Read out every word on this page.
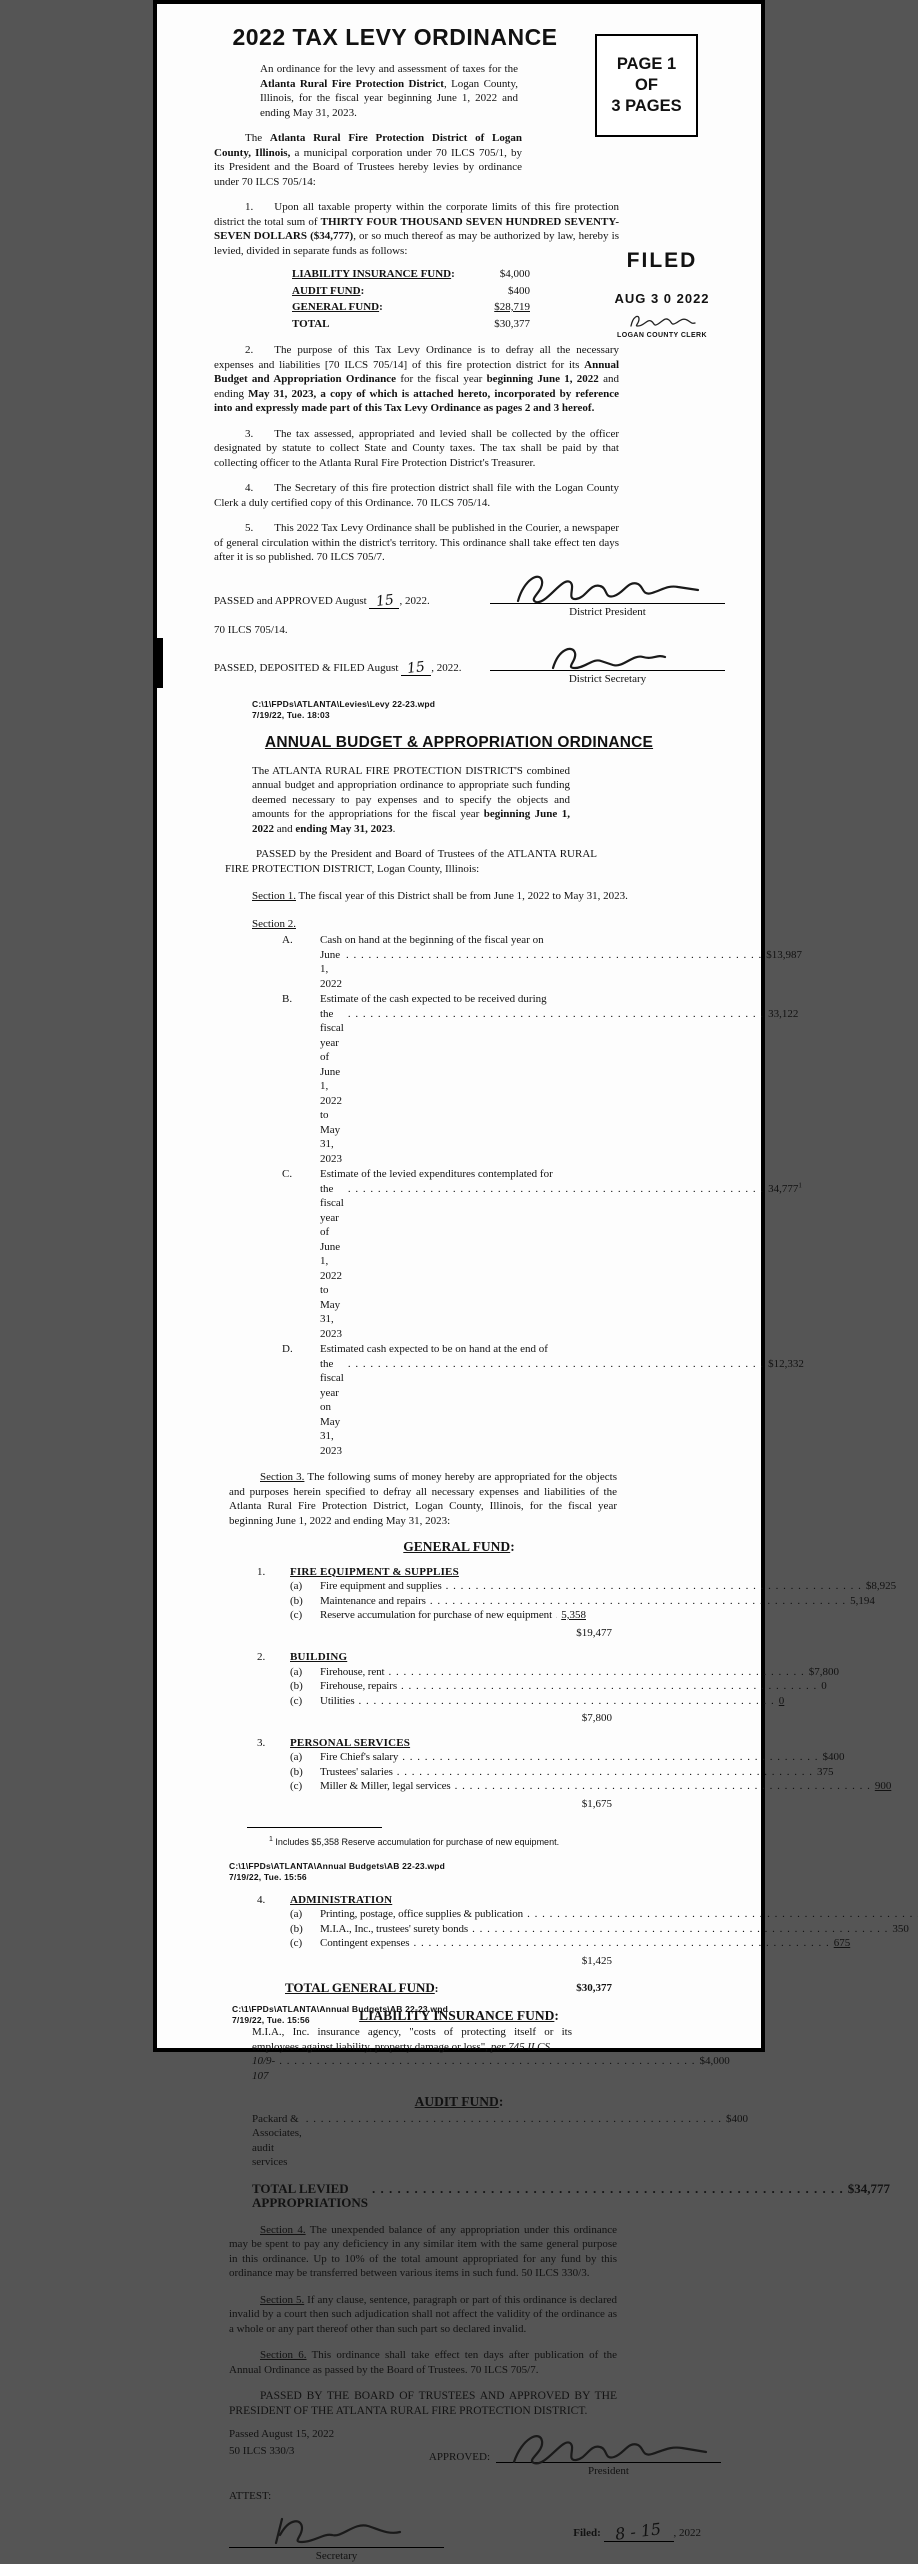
2022 TAX LEVY ORDINANCE
PAGE 1
OF
3 PAGES

An ordinance for the levy and assessment of taxes for the Atlanta Rural Fire Protection District, Logan County, Illinois, for the fiscal year beginning June 1, 2022 and ending May 31, 2023.

The Atlanta Rural Fire Protection District of Logan County, Illinois, a municipal corporation under 70 ILCS 705/1, by its President and the Board of Trustees hereby levies by ordinance under 70 ILCS 705/14:

1. Upon all taxable property within the corporate limits of this fire protection district the total sum of THIRTY FOUR THOUSAND SEVEN HUNDRED SEVENTY-SEVEN DOLLARS ($34,777), or so much thereof as may be authorized by law, hereby is levied, divided in separate funds as follows:

LIABILITY INSURANCE FUND:	$4,000
AUDIT FUND:	$400
GENERAL FUND:	$28,719
TOTAL	$30,377
FILED
AUG 3 0 2022
LOGAN COUNTY CLERK

2. The purpose of this Tax Levy Ordinance is to defray all the necessary expenses and liabilities [70 ILCS 705/14] of this fire protection district for its Annual Budget and Appropriation Ordinance for the fiscal year beginning June 1, 2022 and ending May 31, 2023, a copy of which is attached hereto, incorporated by reference into and expressly made part of this Tax Levy Ordinance as pages 2 and 3 hereof.

3. The tax assessed, appropriated and levied shall be collected by the officer designated by statute to collect State and County taxes. The tax shall be paid by that collecting officer to the Atlanta Rural Fire Protection District's Treasurer.

4. The Secretary of this fire protection district shall file with the Logan County Clerk a duly certified copy of this Ordinance. 70 ILCS 705/14.

5. This 2022 Tax Levy Ordinance shall be published in the Courier, a newspaper of general circulation within the district's territory. This ordinance shall take effect ten days after it is so published. 70 ILCS 705/7.

PASSED and APPROVED August 15 , 2022.
District President

70 ILCS 705/14.

PASSED, DEPOSITED & FILED August 15 , 2022.
District Secretary
C:\1\FPDs\ATLANTA\Levies\Levy 22-23.wpd
7/19/22, Tue. 18:03
ANNUAL BUDGET & APPROPRIATION ORDINANCE

The ATLANTA RURAL FIRE PROTECTION DISTRICT'S combined annual budget and appropriation ordinance to appropriate such funding deemed necessary to pay expenses and to specify the objects and amounts for the appropriations for the fiscal year beginning June 1, 2022 and ending May 31, 2023.

PASSED by the President and Board of Trustees of the ATLANTA RURAL FIRE PROTECTION DISTRICT, Logan County, Illinois:

Section 1. The fiscal year of this District shall be from June 1, 2022 to May 31, 2023.

Section 2.

A.	Cash on hand at the beginning of the fiscal year on
June 1, 2022
. . .
$13,987
B.	Estimate of the cash expected to be received during
the fiscal year of June 1, 2022 to May 31, 2023
. . .
33,122
C.	Estimate of the levied expenditures contemplated for
the fiscal year of June 1, 2022 to May 31, 2023
. . .
34,777$^1$
D.	Estimated cash expected to be on hand at the end of
the fiscal year on May 31, 2023
. . .
$12,332

Section 3. The following sums of money hereby are appropriated for the objects and purposes herein specified to defray all necessary expenses and liabilities of the Atlanta Rural Fire Protection District, Logan County, Illinois, for the fiscal year beginning June 1, 2022 and ending May 31, 2023:

GENERAL FUND:
1.	FIRE EQUIPMENT & SUPPLIES
(a)	Fire equipment and supplies . . .	$8,925
(b)	Maintenance and repairs . . .	5,194
(c)	Reserve accumulation for purchase of new equipment . . . 5,358
$19,477
2.	BUILDING
(a)	Firehouse, rent . . .	$7,800
(b)	Firehouse, repairs . . .	0
(c)	Utilities . . .	0
$7,800
3.	PERSONAL SERVICES
(a)	Fire Chief's salary . . .	$400
(b)	Trustees' salaries . . .	375
(c)	Miller & Miller, legal services . . .	900
$1,675
$^1$ Includes $5,358 Reserve accumulation for purchase of new equipment.
C:\1\FPDs\ATLANTA\Annual Budgets\AB 22-23.wpd
7/19/22, Tue. 15:56
4.	ADMINISTRATION
(a)	Printing, postage, office supplies & publication
. . .
(b)	M.I.A., Inc., trustees' surety bonds . . .	350
(c)	Contingent expenses . . .	675
$1,425
TOTAL GENERAL FUND:	$30,377
LIABILITY INSURANCE FUND:

M.I.A., Inc. insurance agency, "costs of protecting itself or its employees against liability, property damage or loss", per 745 ILCS

10/9-107
. . .
$4,000
AUDIT FUND:
Packard & Associates, audit services
. . .
$400
TOTAL LEVIED APPROPRIATIONS
. . .
$34,777

Section 4. The unexpended balance of any appropriation under this ordinance may be spent to pay any deficiency in any similar item with the same general purpose in this ordinance. Up to 10% of the total amount appropriated for any fund by this ordinance may be transferred between various items in such fund. 50 ILCS 330/3.

Section 5. If any clause, sentence, paragraph or part of this ordinance is declared invalid by a court then such adjudication shall not affect the validity of the ordinance as a whole or any part thereof other than such part so declared invalid.

Section 6. This ordinance shall take effect ten days after publication of the Annual Ordinance as passed by the Board of Trustees. 70 ILCS 705/7.

PASSED BY THE BOARD OF TRUSTEES AND APPROVED BY THE PRESIDENT OF THE ATLANTA RURAL FIRE PROTECTION DISTRICT.

Passed August 15, 2022
50 ILCS 330/3	APPROVED:
President

ATTEST:

Secretary
Filed: 8 - 15 , 2022
C:\1\FPDs\ATLANTA\Annual Budgets\AB 22-23.wpd
7/19/22, Tue. 15:56
